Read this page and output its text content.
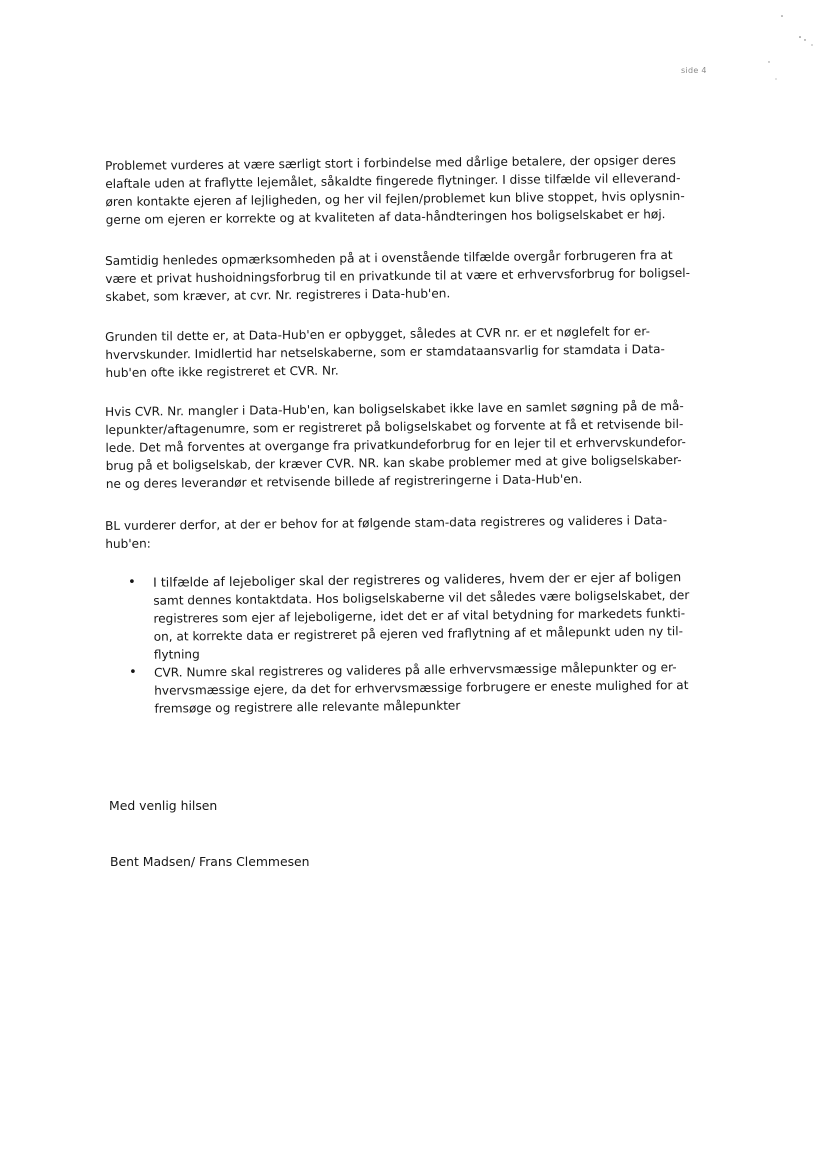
side 4
Problemet vurderes at være særligt stort i forbindelse med dårlige betalere, der opsiger deres
elaftale uden at fraflytte lejemålet, såkaldte fingerede flytninger. I disse tilfælde vil elleverand-
øren kontakte ejeren af lejligheden, og her vil fejlen/problemet kun blive stoppet, hvis oplysnin-
gerne om ejeren er korrekte og at kvaliteten af data-håndteringen hos boligselskabet er høj.
Samtidig henledes opmærksomheden på at i ovenstående tilfælde overgår forbrugeren fra at
være et privat hushoidningsforbrug til en privatkunde til at være et erhvervsforbrug for boligsel-
skabet, som kræver, at cvr. Nr. registreres i Data-hub'en.
Grunden til dette er, at Data-Hub'en er opbygget, således at CVR nr. er et nøglefelt for er-
hvervskunder. Imidlertid har netselskaberne, som er stamdataansvarlig for stamdata i Data-
hub'en ofte ikke registreret et CVR. Nr.
Hvis CVR. Nr. mangler i Data-Hub'en, kan boligselskabet ikke lave en samlet søgning på de må-
lepunkter/aftagenumre, som er registreret på boligselskabet og forvente at få et retvisende bil-
lede. Det må forventes at overgange fra privatkundeforbrug for en lejer til et erhvervskundefor-
brug på et boligselskab, der kræver CVR. NR. kan skabe problemer med at give boligselskaber-
ne og deres leverandør et retvisende billede af registreringerne i Data-Hub'en.
BL vurderer derfor, at der er behov for at følgende stam-data registreres og valideres i Data-
hub'en:
• I tilfælde af lejeboliger skal der registreres og valideres, hvem der er ejer af boligen
samt dennes kontaktdata. Hos boligselskaberne vil det således være boligselskabet, der
registreres som ejer af lejeboligerne, idet det er af vital betydning for markedets funkti-
on, at korrekte data er registreret på ejeren ved fraflytning af et målepunkt uden ny til-
flytning
• CVR. Numre skal registreres og valideres på alle erhvervsmæssige målepunkter og er-
hvervsmæssige ejere, da det for erhvervsmæssige forbrugere er eneste mulighed for at
fremsøge og registrere alle relevante målepunkter
Med venlig hilsen
Bent Madsen/ Frans Clemmesen
